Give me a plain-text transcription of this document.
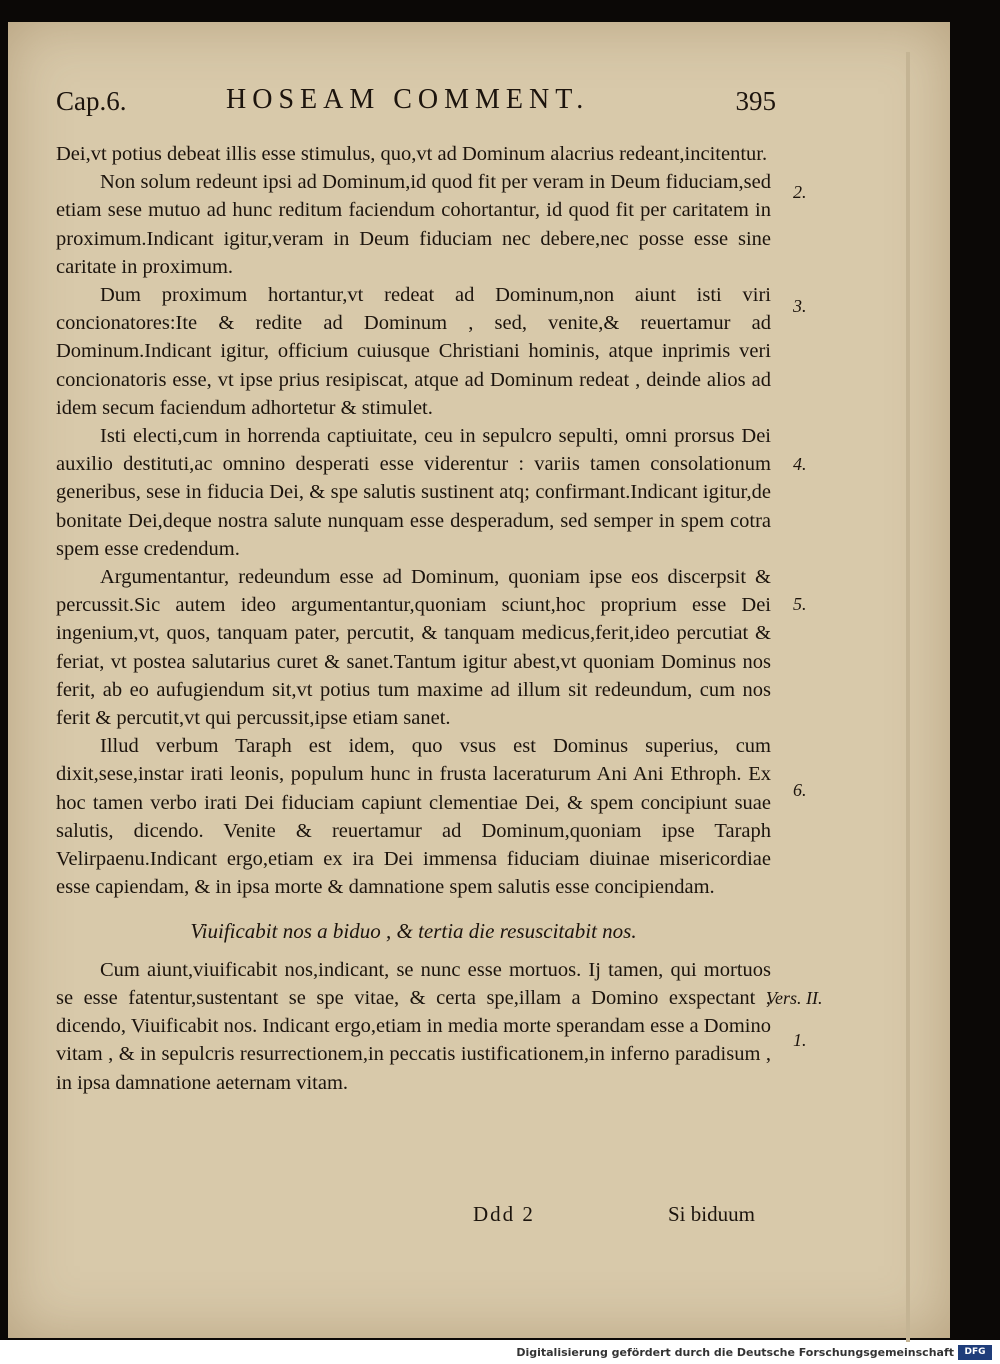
Cap.6.	HOSEAM COMMENT.	395

Dei,vt potius debeat illis esse stimulus, quo,vt ad Dominum alacrius redeant,incitentur.

Non solum redeunt ipsi ad Dominum,id quod fit per veram in Deum fiduciam,sed etiam sese mutuo ad hunc reditum faciendum cohortantur, id quod fit per caritatem in proximum.Indicant igitur,veram in Deum fiduciam nec debere,nec posse esse sine caritate in proximum.

Dum proximum hortantur,vt redeat ad Dominum,non aiunt isti viri concionatores:Ite & redite ad Dominum , sed, venite,& reuertamur ad Dominum.Indicant igitur, officium cuiusque Christiani hominis, atque inprimis veri concionatoris esse, vt ipse prius resipiscat, atque ad Dominum redeat , deinde alios ad idem secum faciendum adhortetur & stimulet.

Isti electi,cum in horrenda captiuitate, ceu in sepulcro sepulti, omni prorsus Dei auxilio destituti,ac omnino desperati esse viderentur : variis tamen consolationum generibus, sese in fiducia Dei, & spe salutis sustinent atq; confirmant.Indicant igitur,de bonitate Dei,deque nostra salute nunquam esse desperadum, sed semper in spem cotra spem esse credendum.

Argumentantur, redeundum esse ad Dominum, quoniam ipse eos discerpsit & percussit.Sic autem ideo argumentantur,quoniam sciunt,hoc proprium esse Dei ingenium,vt, quos, tanquam pater, percutit, & tanquam medicus,ferit,ideo percutiat & feriat, vt postea salutarius curet & sanet.Tantum igitur abest,vt quoniam Dominus nos ferit, ab eo aufugiendum sit,vt potius tum maxime ad illum sit redeundum, cum nos ferit & percutit,vt qui percussit,ipse etiam sanet.

Illud verbum Taraph est idem, quo vsus est Dominus superius, cum dixit,sese,instar irati leonis, populum hunc in frusta laceraturum Ani Ani Ethroph. Ex hoc tamen verbo irati Dei fiduciam capiunt clementiae Dei, & spem concipiunt suae salutis, dicendo. Venite & reuertamur ad Dominum,quoniam ipse Taraph Velirpaenu.Indicant ergo,etiam ex ira Dei immensa fiduciam diuinae misericordiae esse capiendam, & in ipsa morte & damnatione spem salutis esse concipiendam.

Viuificabit nos a biduo , & tertia die resuscitabit nos.

Cum aiunt,viuificabit nos,indicant, se nunc esse mortuos. Ij tamen, qui mortuos se esse fatentur,sustentant se spe vitae, & certa spe,illam a Domino exspectant , dicendo, Viuificabit nos. Indicant ergo,etiam in media morte sperandam esse a Domino vitam , & in sepulcris resurrectionem,in peccatis iustificationem,in inferno paradisum , in ipsa damnatione aeternam vitam.

2.
3.
4.
5.
6.
Vers. II.
1.
Ddd 2	Si biduum
Digitalisierung gefördert durch die Deutsche Forschungsgemeinschaft	DFG
